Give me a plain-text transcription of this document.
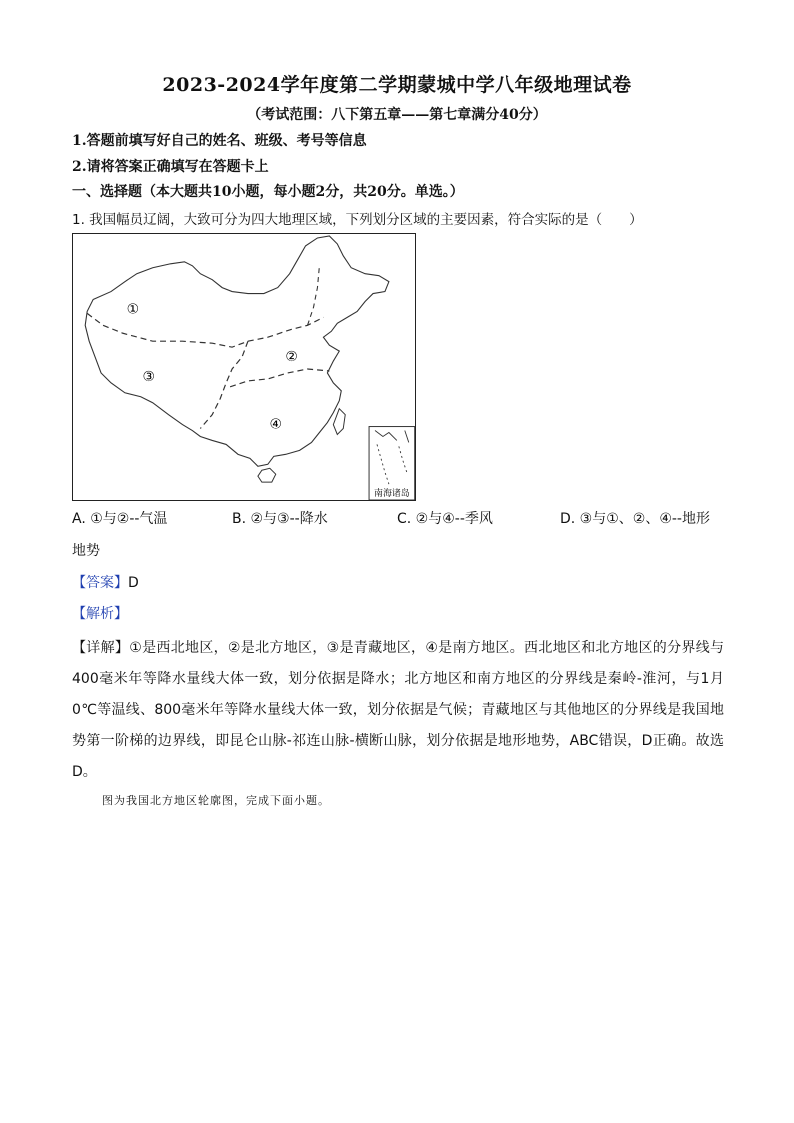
2023-2024学年度第二学期蒙城中学八年级地理试卷
（考试范围：八下第五章——第七章满分40分）
1.答题前填写好自己的姓名、班级、考号等信息
2.请将答案正确填写在答题卡上
一、选择题（本大题共10小题，每小题2分，共20分。单选。）
1. 我国幅员辽阔，大致可分为四大地理区域，下列划分区域的主要因素，符合实际的是（　　）
①
②
③
④
南海诸岛
A. ①与②--气温	B. ②与③--降水	C. ②与④--季风	D. ③与①、②、④--地形
地势
【答案】D
【解析】
【详解】①是西北地区，②是北方地区，③是青藏地区，④是南方地区。西北地区和北方地区的分界线与400毫米年等降水量线大体一致，划分依据是降水；北方地区和南方地区的分界线是秦岭-淮河，与1月0℃等温线、800毫米年等降水量线大体一致，划分依据是气候；青藏地区与其他地区的分界线是我国地势第一阶梯的边界线，即昆仑山脉-祁连山脉-横断山脉，划分依据是地形地势，ABC错误，D正确。故选D。
图为我国北方地区轮廓图，完成下面小题。
